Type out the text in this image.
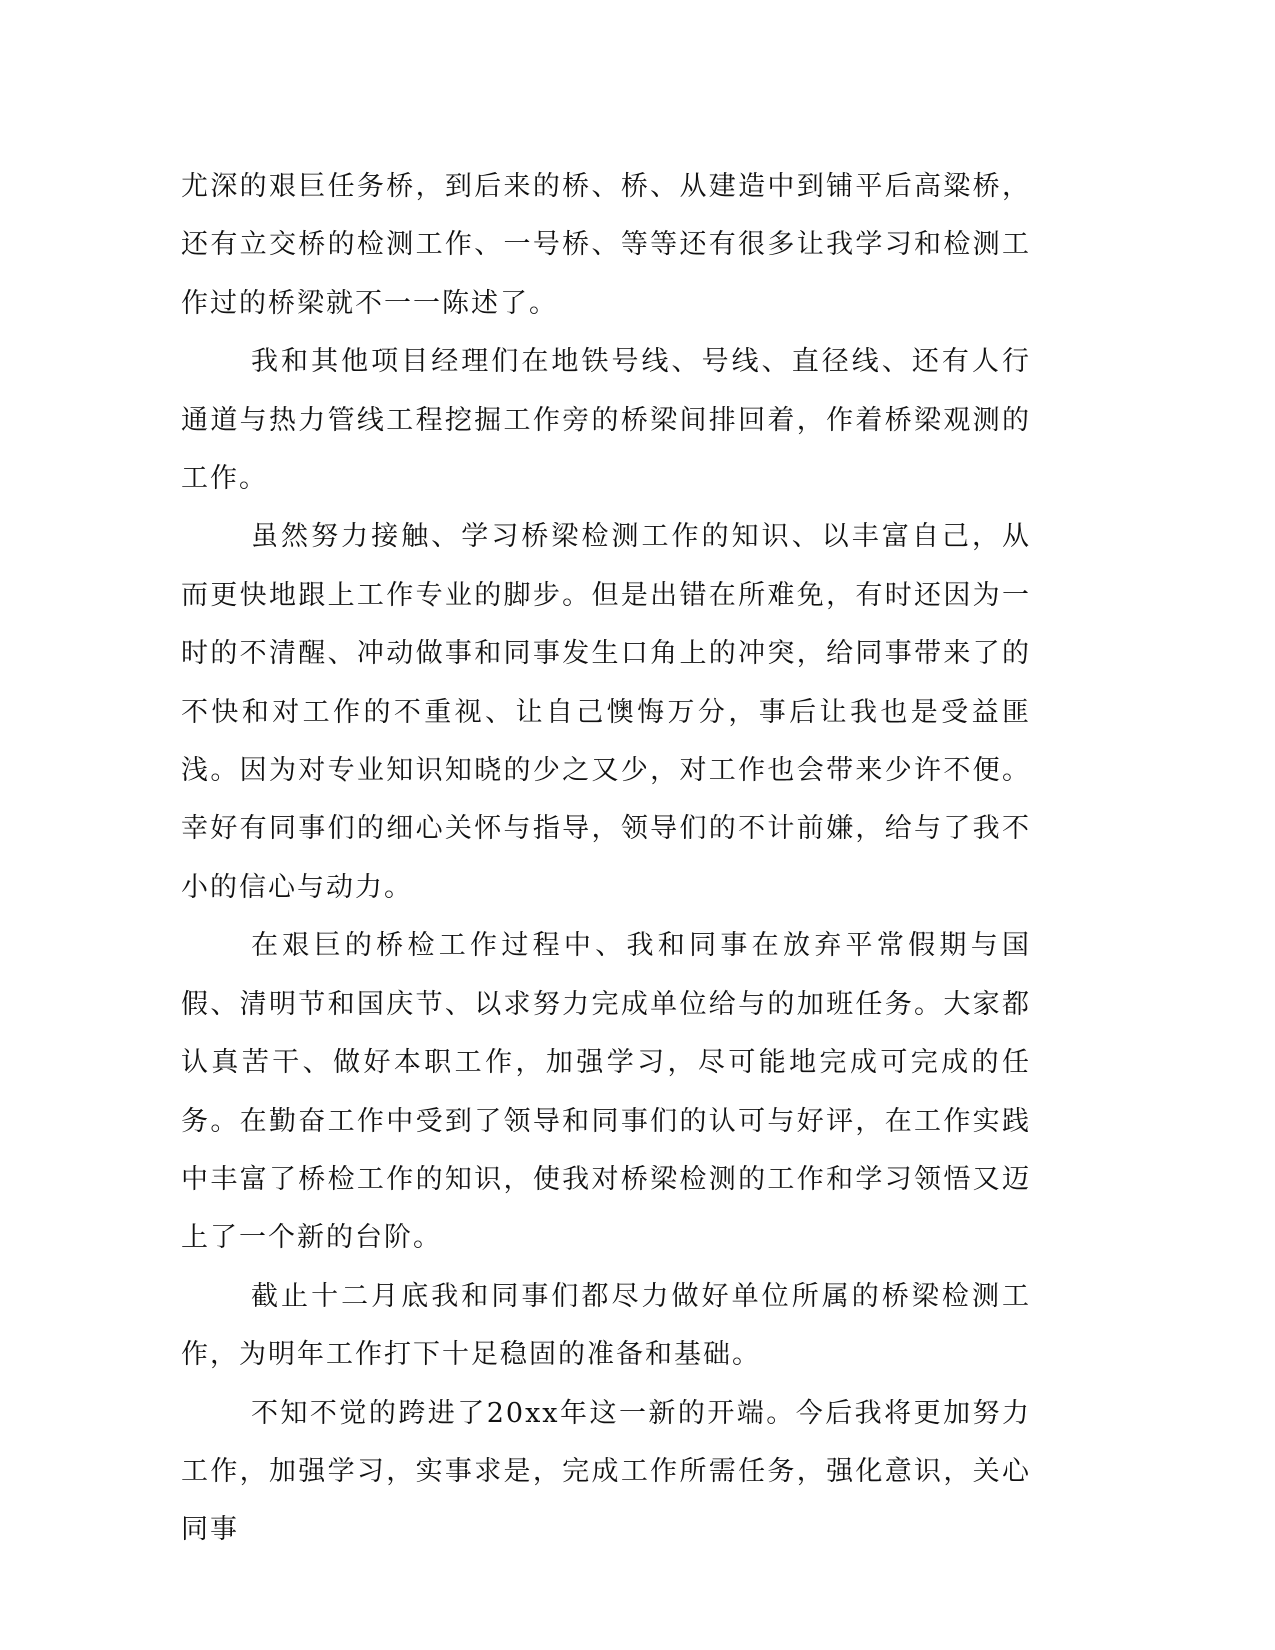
尤深的艰巨任务桥，到后来的桥、桥、从建造中到铺平后高粱桥，还有立交桥的检测工作、一号桥、等等还有很多让我学习和检测工作过的桥梁就不一一陈述了。

我和其他项目经理们在地铁号线、号线、直径线、还有人行通道与热力管线工程挖掘工作旁的桥梁间排回着，作着桥梁观测的工作。

虽然努力接触、学习桥梁检测工作的知识、以丰富自己，从而更快地跟上工作专业的脚步。但是出错在所难免，有时还因为一时的不清醒、冲动做事和同事发生口角上的冲突，给同事带来了的不快和对工作的不重视、让自己懊悔万分，事后让我也是受益匪浅。因为对专业知识知晓的少之又少，对工作也会带来少许不便。幸好有同事们的细心关怀与指导，领导们的不计前嫌，给与了我不小的信心与动力。

在艰巨的桥检工作过程中、我和同事在放弃平常假期与国假、清明节和国庆节、以求努力完成单位给与的加班任务。大家都认真苦干、做好本职工作，加强学习，尽可能地完成可完成的任务。在勤奋工作中受到了领导和同事们的认可与好评，在工作实践中丰富了桥检工作的知识，使我对桥梁检测的工作和学习领悟又迈上了一个新的台阶。

截止十二月底我和同事们都尽力做好单位所属的桥梁检测工作，为明年工作打下十足稳固的准备和基础。

不知不觉的跨进了20xx年这一新的开端。今后我将更加努力工作，加强学习，实事求是，完成工作所需任务，强化意识，关心同事
